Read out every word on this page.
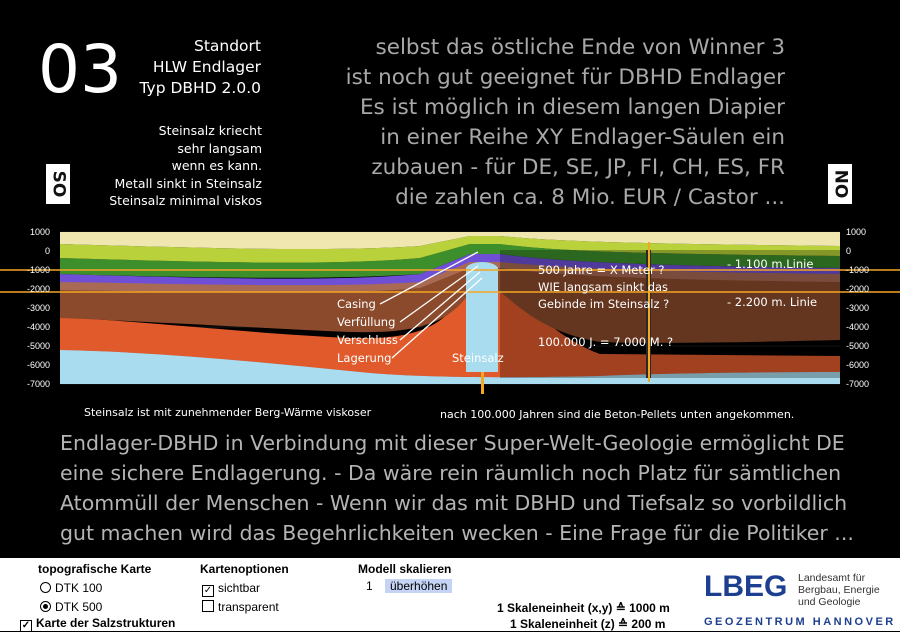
03	Standort
HLW Endlager
Typ DBHD 2.0.0
Steinsalz kriecht
sehr langsam
wenn es kann.
Metall sinkt in Steinsalz
Steinsalz minimal viskos
selbst das östliche Ende von Winner 3
ist noch gut geeignet für DBHD Endlager
Es ist möglich in diesem langen Diapier
in einer Reihe XY Endlager-Säulen ein
zubauen - für DE, SE, JP, FI, CH, ES, FR
die zahlen ca. 8 Mio. EUR / Castor ...
SO	NO
1000
0
-1000
-2000
-3000
-4000
-5000
-6000
-7000
1000
0
-1000
-2000
-3000
-4000
-5000
-6000
-7000
Casing
Verfüllung
Verschluss
Lagerung	Steinsalz
500 Jahre = X Meter ?
WIE langsam sinkt das
Gebinde im Steinsalz ?
100.000 J. = 7.000 M. ?
- 1.100 m.Linie
- 2.200 m. Linie
Steinsalz ist mit zunehmender Berg-Wärme viskoser	nach 100.000 Jahren sind die Beton-Pellets unten angekommen.
Endlager-DBHD in Verbindung mit dieser Super-Welt-Geologie ermöglicht DE
eine sichere Endlagerung. - Da wäre rein räumlich noch Platz für sämtlichen
Atommüll der Menschen - Wenn wir das mit DBHD und Tiefsalz so vorbildlich
gut machen wird das Begehrlichkeiten wecken - Eine Frage für die Politiker ...
topografische Karte
DTK 100
DTK 500
✓ Karte der Salzstrukturen
Kartenoptionen
✓ sichtbar
transparent
Modell skalieren
1	überhöhen
1 Skaleneinheit (x,y) ≙ 1000 m
1 Skaleneinheit (z) ≙ 200 m
LBEG Landesamt für
Bergbau, Energie
und Geologie
GEOZENTRUM HANNOVER
